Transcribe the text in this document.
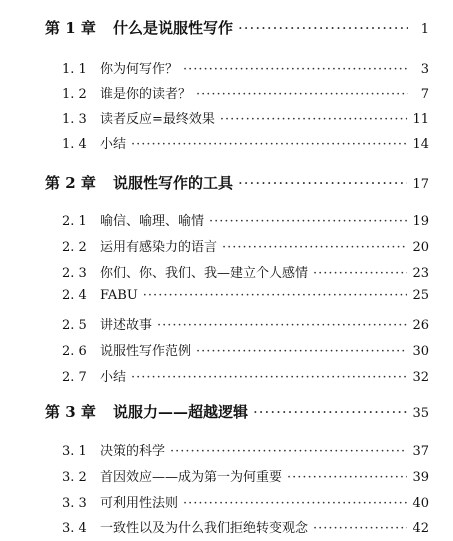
第 1 章	什么是说服性写作 ·····	1
1. 1	你为何写作？ ·····	3
1. 2	谁是你的读者？ ·····	7
1. 3	读者反应=最终效果 ·····	11
1. 4	小结 ·····	14
第 2 章	说服性写作的工具 ·····	17
2. 1	喻信、喻理、喻情 ·····	19
2. 2	运用有感染力的语言 ·····	20
2. 3	你们、你、我们、我—建立个人感情 ·····	23
2. 4	FABU ·····	25
2. 5	讲述故事 ·····	26
2. 6	说服性写作范例 ·····	30
2. 7	小结 ·····	32
第 3 章	说服力——超越逻辑 ·····	35
3. 1	决策的科学 ·····	37
3. 2	首因效应——成为第一为何重要 ·····	39
3. 3	可利用性法则 ·····	40
3. 4	一致性以及为什么我们拒绝转变观念 ·····	42
